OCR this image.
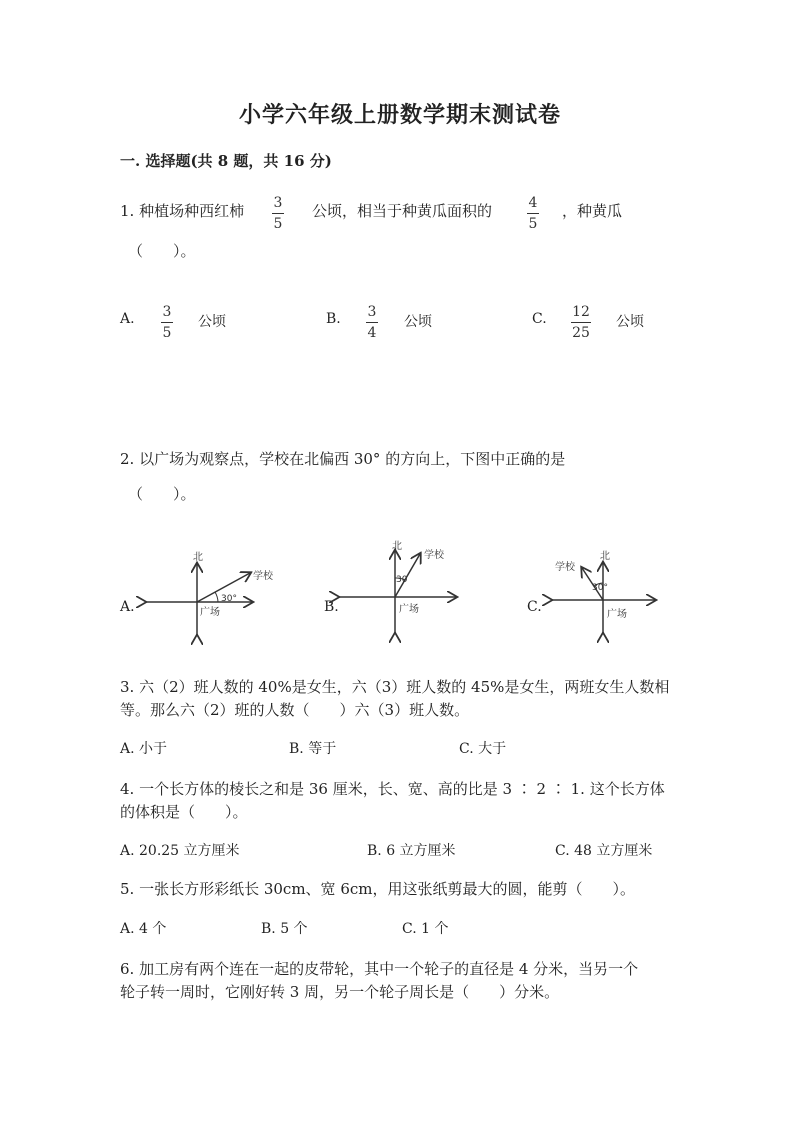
小学六年级上册数学期末测试卷
一. 选择题(共 8 题，共 16 分)
1. 种植场种西红柿 3
5
公顷，相当于种黄瓜面积的	4
5
，种黄瓜
（　　）。
A. 3
5
公顷	B. 3
4
公顷	C. 12
25
公顷
2. 以广场为观察点，学校在北偏西 30° 的方向上，下图中正确的是
（　　）。
A.	B.	C.
北
学校
广场
30°
北
学校
广场
30
北
学校
广场
30°
3. 六（2）班人数的 40%是女生，六（3）班人数的 45%是女生，两班女生人数相
等。那么六（2）班的人数（　　）六（3）班人数。
A. 小于	B. 等于	C. 大于
4. 一个长方体的棱长之和是 36 厘米，长、宽、高的比是 3 ∶ 2 ∶ 1. 这个长方体
的体积是（　　）。
A. 20.25 立方厘米	B. 6 立方厘米	C. 48 立方厘米
5. 一张长方形彩纸长 30cm、宽 6cm，用这张纸剪最大的圆，能剪（　　）。
A. 4 个	B. 5 个	C. 1 个
6. 加工房有两个连在一起的皮带轮，其中一个轮子的直径是 4 分米，当另一个
轮子转一周时，它刚好转 3 周，另一个轮子周长是（　　）分米。
